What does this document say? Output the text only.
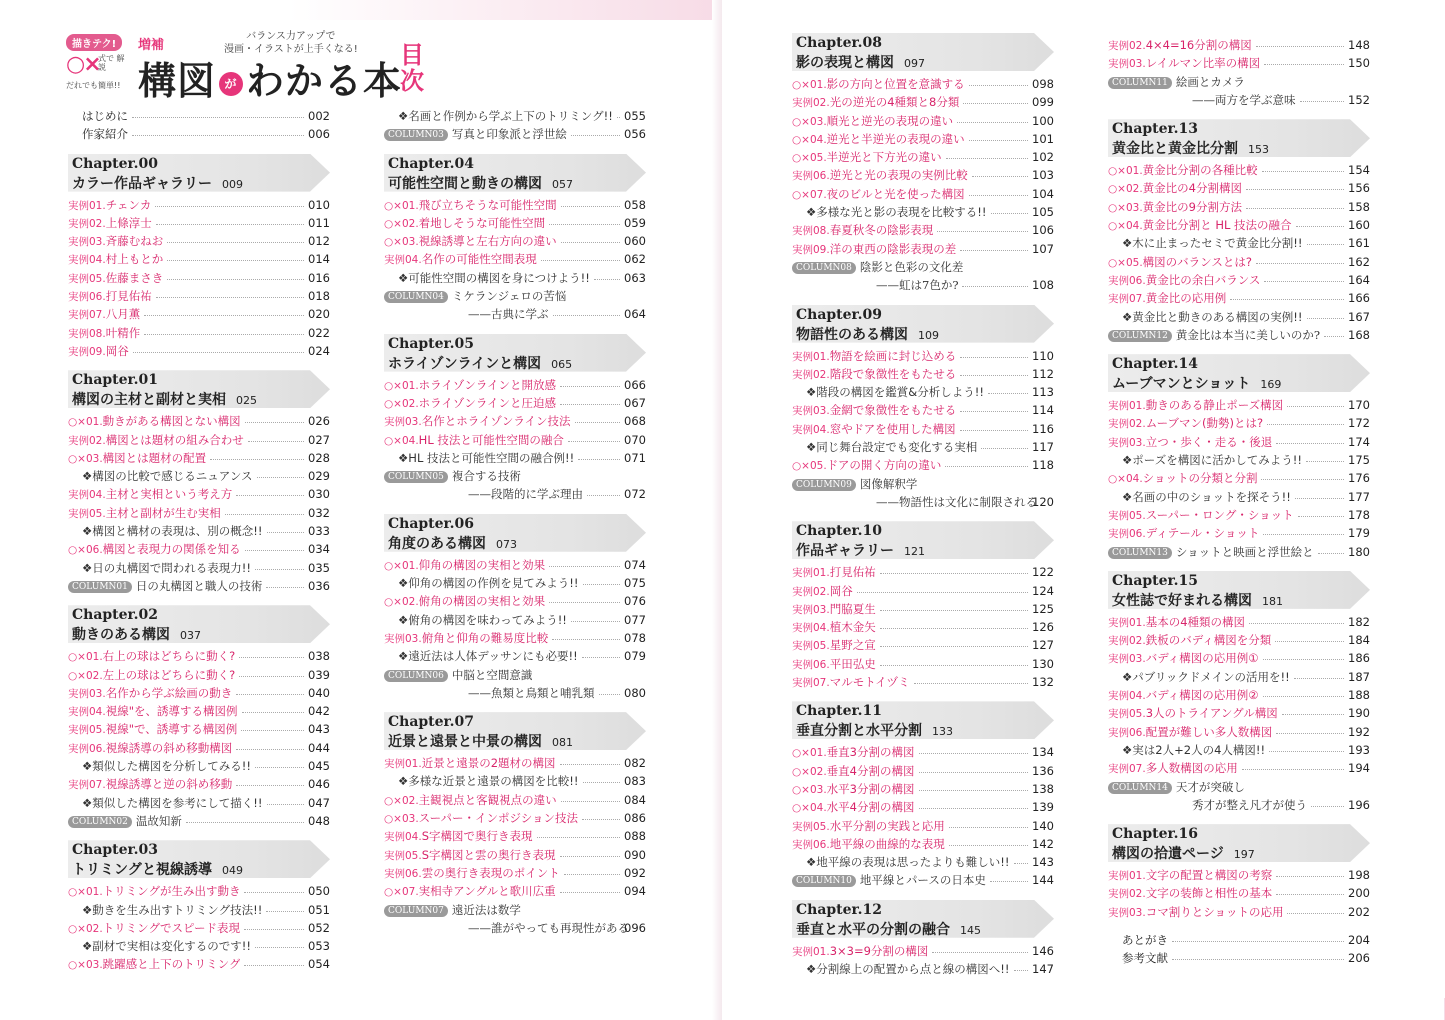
描きテク!
○×
式で 解説
だれでも簡単!!
増補
構図 が わかる本
バランス力アップで
漫画・イラストが上手くなる! 目
次
はじめに	002
作家紹介	006
Chapter.00
カラー作品ギャラリー 009
実例01.チェンカ	010
実例02.上條淳士	011
実例03.斉藤むねお	012
実例04.村上もとか	014
実例05.佐藤まさき	016
実例06.打見佑祐	018
実例07.八月薫	020
実例08.叶精作	022
実例09.岡谷	024
Chapter.01
構図の主材と副材と実相 025
○×01.動きがある構図とない構図	026
実例02.構図とは題材の組み合わせ	027
○×03.構図とは題材の配置	028
❖構図の比較で感じるニュアンス	029
実例04.主材と実相という考え方	030
実例05.主材と副材が生む実相	032
❖構図と構材の表現は、別の概念!!	033
○×06.構図と表現力の関係を知る	034
❖日の丸構図で問われる表現力!!	035
COLUMN01 日の丸構図と職人の技術	036
Chapter.02
動きのある構図 037
○×01.右上の球はどちらに動く?	038
○×02.左上の球はどちらに動く?	039
実例03.名作から学ぶ絵画の動き	040
実例04.視線"を、誘導する構図例	042
実例05.視線"で、誘導する構図例	043
実例06.視線誘導の斜め移動構図	044
❖類似した構図を分析してみる!!	045
実例07.視線誘導と逆の斜め移動	046
❖類似した構図を参考にして描く!!	047
COLUMN02 温故知新	048
Chapter.03
トリミングと視線誘導 049
○×01.トリミングが生み出す動き	050
❖動きを生み出すトリミング技法!!	051
○×02.トリミングでスピード表現	052
❖副材で実相は変化するのです!!	053
○×03.跳躍感と上下のトリミング	054
❖名画と作例から学ぶ上下のトリミング!! 055
COLUMN03 写真と印象派と浮世絵	056
Chapter.04
可能性空間と動きの構図 057
○×01.飛び立ちそうな可能性空間	058
○×02.着地しそうな可能性空間	059
○×03.視線誘導と左右方向の違い	060
実例04.名作の可能性空間表現	062
❖可能性空間の構図を身につけよう!!	063
COLUMN04 ミケランジェロの苦悩
——古典に学ぶ	064
Chapter.05
ホライゾンラインと構図 065
○×01.ホライゾンラインと開放感	066
○×02.ホライゾンラインと圧迫感	067
実例03.名作とホライゾンライン技法	068
○×04.HL 技法と可能性空間の融合	070
❖HL 技法と可能性空間の融合例!!	071
COLUMN05 複合する技術
——段階的に学ぶ理由	072
Chapter.06
角度のある構図 073
○×01.仰角の構図の実相と効果	074
❖仰角の構図の作例を見てみよう!!	075
○×02.俯角の構図の実相と効果	076
❖俯角の構図を味わってみよう!!	077
実例03.俯角と仰角の難易度比較	078
❖遠近法は人体デッサンにも必要!!	079
COLUMN06 中脳と空間意識
——魚類と鳥類と哺乳類	080
Chapter.07
近景と遠景と中景の構図 081
実例01.近景と遠景の2題材の構図	082
❖多様な近景と遠景の構図を比較!!	083
○×02.主観視点と客観視点の違い	084
○×03.スーパー・インポジション技法	086
実例04.S字構図で奥行き表現	088
実例05.S字構図と雲の奥行き表現	090
実例06.雲の奥行き表現のポイント	092
○×07.実相寺アングルと歌川広重	094
COLUMN07 遠近法は数学
——誰がやっても再現性がある
096
Chapter.08
影の表現と構図 097
○×01.影の方向と位置を意識する	098
実例02.光の逆光の4種類と8分類	099
○×03.順光と逆光の表現の違い	100
○×04.逆光と半逆光の表現の違い	101
○×05.半逆光と下方光の違い	102
実例06.逆光と光の表現の実例比較	103
○×07.夜のビルと光を使った構図	104
❖多様な光と影の表現を比較する!!	105
実例08.春夏秋冬の陰影表現	106
実例09.洋の東西の陰影表現の差	107
COLUMN08 陰影と色彩の文化差
——虹は7色か?	108
Chapter.09
物語性のある構図 109
実例01.物語を絵画に封じ込める	110
実例02.階段で象徴性をもたせる	112
❖階段の構図を鑑賞&分析しよう!!	113
実例03.金網で象徴性をもたせる	114
実例04.窓やドアを使用した構図	116
❖同じ舞台設定でも変化する実相	117
○×05.ドアの開く方向の違い	118
COLUMN09 図像解釈学
——物語性は文化に制限される
120
Chapter.10
作品ギャラリー 121
実例01.打見佑祐	122
実例02.岡谷	124
実例03.門脇夏生	125
実例04.植木金矢	126
実例05.星野之宣	127
実例06.平田弘史	130
実例07.マルモトイヅミ	132
Chapter.11
垂直分割と水平分割 133
○×01.垂直3分割の構図	134
○×02.垂直4分割の構図	136
○×03.水平3分割の構図	138
○×04.水平4分割の構図	139
実例05.水平分割の実践と応用	140
実例06.地平線の曲線的な表現	142
❖地平線の表現は思ったよりも難しい!! 143
COLUMN10 地平線とパースの日本史	144
Chapter.12
垂直と水平の分割の融合 145
実例01.3×3=9分割の構図	146
❖分割線上の配置から点と線の構図へ!! 147
実例02.4×4=16分割の構図	148
実例03.レイルマン比率の構図	150
COLUMN11 絵画とカメラ
——両方を学ぶ意味	152
Chapter.13
黄金比と黄金比分割 153
○×01.黄金比分割の各種比較	154
○×02.黄金比の4分割構図	156
○×03.黄金比の9分割方法	158
○×04.黄金比分割と HL 技法の融合	160
❖木に止まったセミで黄金比分割!!	161
○×05.構図のバランスとは?	162
実例06.黄金比の余白バランス	164
実例07.黄金比の応用例	166
❖黄金比と動きのある構図の実例!!	167
COLUMN12 黄金比は本当に美しいのか? 168
Chapter.14
ムーブマンとショット 169
実例01.動きのある静止ポーズ構図	170
実例02.ムーブマン(動勢)とは?	172
実例03.立つ・歩く・走る・後退	174
❖ポーズを構図に活かしてみよう!!	175
○×04.ショットの分類と分割	176
❖名画の中のショットを探そう!!	177
実例05.スーパー・ロング・ショット	178
実例06.ディテール・ショット	179
COLUMN13 ショットと映画と浮世絵と	180
Chapter.15
女性誌で好まれる構図 181
実例01.基本の4種類の構図	182
実例02.鉄板のバディ構図を分類	184
実例03.バディ構図の応用例①	186
❖パブリックドメインの活用を!!	187
実例04.バディ構図の応用例②	188
実例05.3人のトライアングル構図	190
実例06.配置が難しい多人数構図	192
❖実は2人+2人の4人構図!!	193
実例07.多人数構図の応用	194
COLUMN14 天才が突破し
秀才が整え凡才が使う	196
Chapter.16
構図の拾遺ページ 197
実例01.文字の配置と構図の考察	198
実例02.文字の装飾と相性の基本	200
実例03.コマ割りとショットの応用	202
あとがき	204
参考文献	206
